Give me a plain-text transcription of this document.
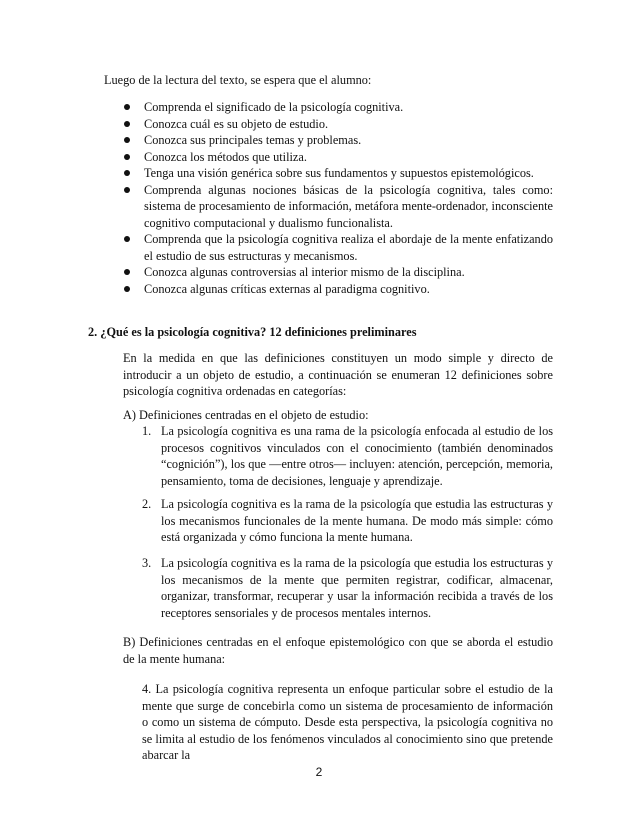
Luego de la lectura del texto, se espera que el alumno:
Comprenda el significado de la psicología cognitiva.
Conozca cuál es su objeto de estudio.
Conozca sus principales temas y problemas.
Conozca los métodos que utiliza.
Tenga una visión genérica sobre sus fundamentos y supuestos epistemológicos.
Comprenda algunas nociones básicas de la psicología cognitiva, tales como: sistema de procesamiento de información, metáfora mente-ordenador, inconsciente cognitivo computacional y dualismo funcionalista.
Comprenda que la psicología cognitiva realiza el abordaje de la mente enfatizando el estudio de sus estructuras y mecanismos.
Conozca algunas controversias al interior mismo de la disciplina.
Conozca algunas críticas externas al paradigma cognitivo.
2. ¿Qué es la psicología cognitiva? 12 definiciones preliminares
En la medida en que las definiciones constituyen un modo simple y directo de introducir a un objeto de estudio, a continuación se enumeran 12 definiciones sobre psicología cognitiva ordenadas en categorías:
A) Definiciones centradas en el objeto de estudio:
1. La psicología cognitiva es una rama de la psicología enfocada al estudio de los procesos cognitivos vinculados con el conocimiento (también denominados “cognición”), los que —entre otros— incluyen: atención, percepción, memoria, pensamiento, toma de decisiones, lenguaje y aprendizaje.
2. La psicología cognitiva es la rama de la psicología que estudia las estructuras y los mecanismos funcionales de la mente humana. De modo más simple: cómo está organizada y cómo funciona la mente humana.
3. La psicología cognitiva es la rama de la psicología que estudia los estructuras y los mecanismos de la mente que permiten registrar, codificar, almacenar, organizar, transformar, recuperar y usar la información recibida a través de los receptores sensoriales y de procesos mentales internos.
B) Definiciones centradas en el enfoque epistemológico con que se aborda el estudio de la mente humana:
4. La psicología cognitiva representa un enfoque particular sobre el estudio de la mente que surge de concebirla como un sistema de procesamiento de información o como un sistema de cómputo. Desde esta perspectiva, la psicología cognitiva no se limita al estudio de los fenómenos vinculados al conocimiento sino que pretende abarcar la
2
